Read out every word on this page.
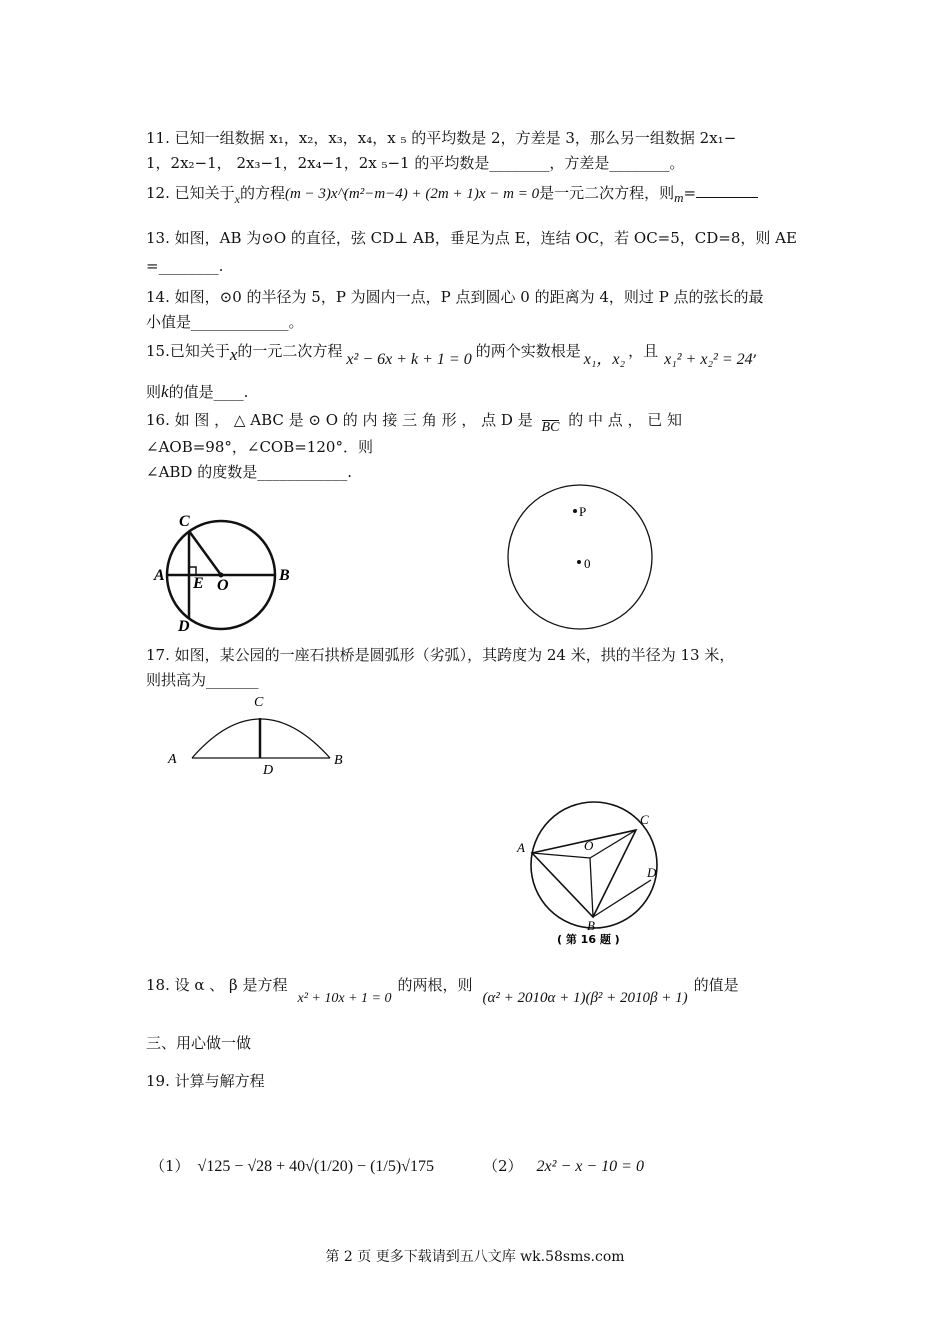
11. 已知一组数据 x₁，x₂，x₃，x₄，x ₅ 的平均数是 2，方差是 3，那么另一组数据 2x₁−
1，2x₂−1， 2x₃−1，2x₄−1，2x ₅−1 的平均数是________，方差是________。
12. 已知关于$_x$的方程(m − 3)x^(m²−m−4) + (2m + 1)x − m = 0是一元二次方程，则m=
13. 如图，AB 为⊙O 的直径，弦 CD⊥ AB，垂足为点 E，连结 OC，若 OC=5，CD=8，则 AE
=________.
14. 如图，⊙0 的半径为 5，P 为圆内一点，P 点到圆心 0 的距离为 4，则过 P 点的弦长的最
小值是_____________。
15.已知关于x的一元二次方程 x² − 6x + k + 1 = 0 的两个实数根是 x₁，x₂ ，且 x₁² + x₂² = 24,
则k的值是____.
16. 如 图 ， △ ABC 是 ⊙ O 的 内 接 三 角 形 ， 点 D 是 BC 的 中 点 ， 已 知
∠AOB=98°，∠COB=120°．则
∠ABD 的度数是____________.
C
A E O
B
D
P
0
17. 如图，某公园的一座石拱桥是圆弧形（劣弧），其跨度为 24 米，拱的半径为 13 米，
则拱高为_______
C
A
D
B
C
A	O
D
B
( 第 16 题 )
18. 设 α 、 β 是方程x² + 10x + 1 = 0的两根，则(α² + 2010α + 1)(β² + 2010β + 1)的值是
三、用心做一做
19. 计算与解方程
（1） √125 − √28 + 40√(1/20) − (1/5)√175	（2） 2x² − x − 10 = 0
第 2 页 更多下载请到五八文库 wk.58sms.com
